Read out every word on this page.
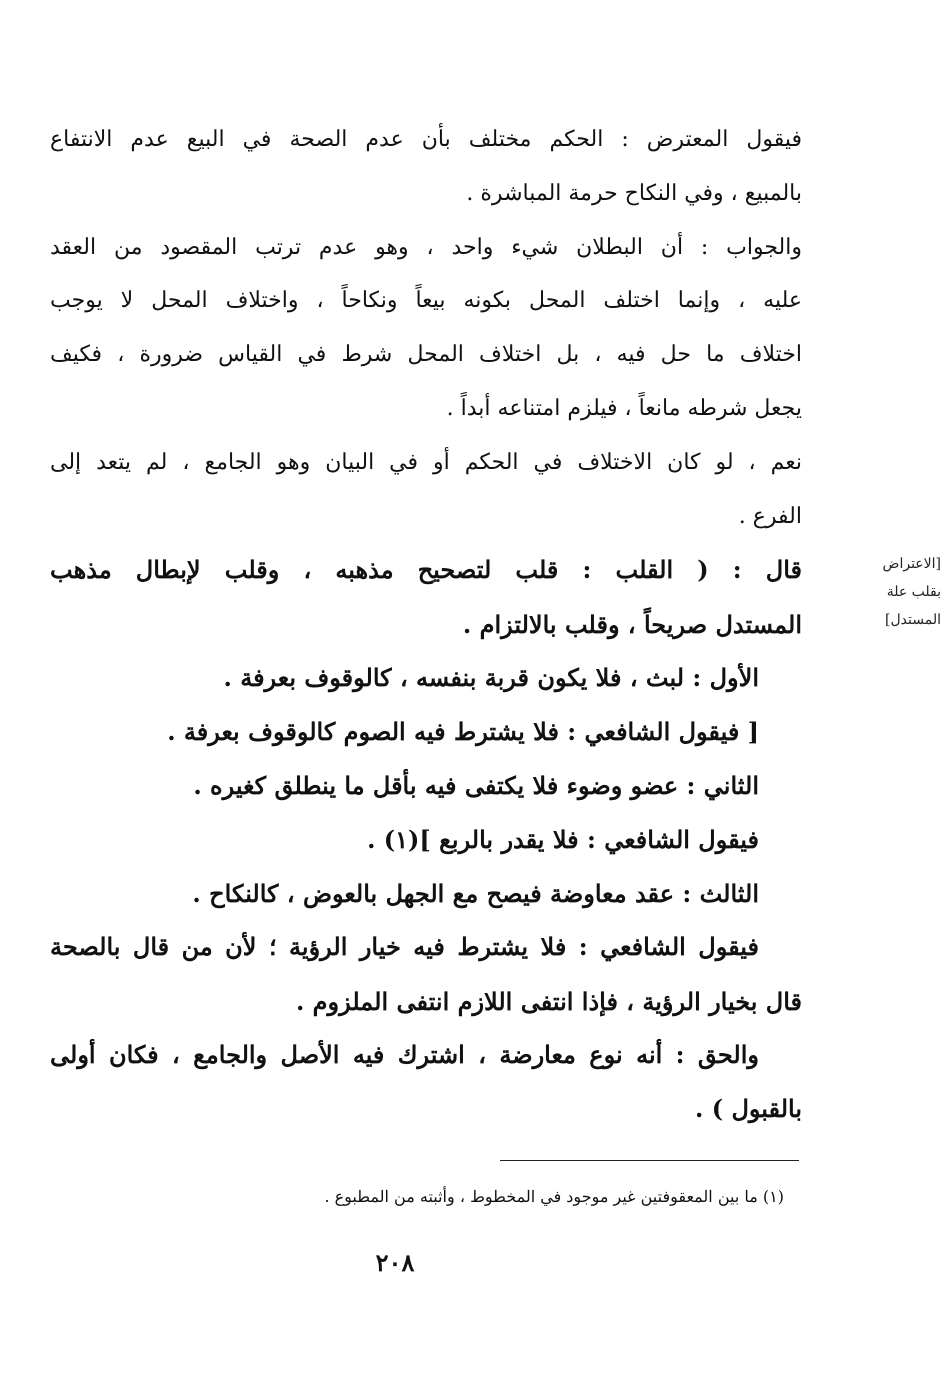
فيقول المعترض : الحكم مختلف بأن عدم الصحة في البيع عدم الانتفاع
بالمبيع ، وفي النكاح حرمة المباشرة .
والجواب : أن البطلان شيء واحد ، وهو عدم ترتب المقصود من العقد
عليه ، وإنما اختلف المحل بكونه بيعاً ونكاحاً ، واختلاف المحل لا يوجب
اختلاف ما حل فيه ، بل اختلاف المحل شرط في القياس ضرورة ، فكيف
يجعل شرطه مانعاً ، فيلزم امتناعه أبداً .
نعم ، لو كان الاختلاف في الحكم أو في البيان وهو الجامع ، لم يتعد إلى
الفرع .
قال : ( القلب : قلب لتصحيح مذهبه ، وقلب لإبطال مذهب
المستدل صريحاً ، وقلب بالالتزام .
الأول : لبث ، فلا يكون قربة بنفسه ، كالوقوف بعرفة .
[ فيقول الشافعي : فلا يشترط فيه الصوم كالوقوف بعرفة .
الثاني : عضو وضوء فلا يكتفى فيه بأقل ما ينطلق كغيره .
فيقول الشافعي : فلا يقدر بالربع ](١) .
الثالث : عقد معاوضة فيصح مع الجهل بالعوض ، كالنكاح .
فيقول الشافعي : فلا يشترط فيه خيار الرؤية ؛ لأن من قال بالصحة
قال بخيار الرؤية ، فإذا انتفى اللازم انتفى الملزوم .
والحق : أنه نوع معارضة ، اشترك فيه الأصل والجامع ، فكان أولى
بالقبول ) .
[الاعتراض
بقلب علة
المستدل]
(١) ما بين المعقوفتين غير موجود في المخطوط ، وأثبته من المطبوع .
٢٠٨
